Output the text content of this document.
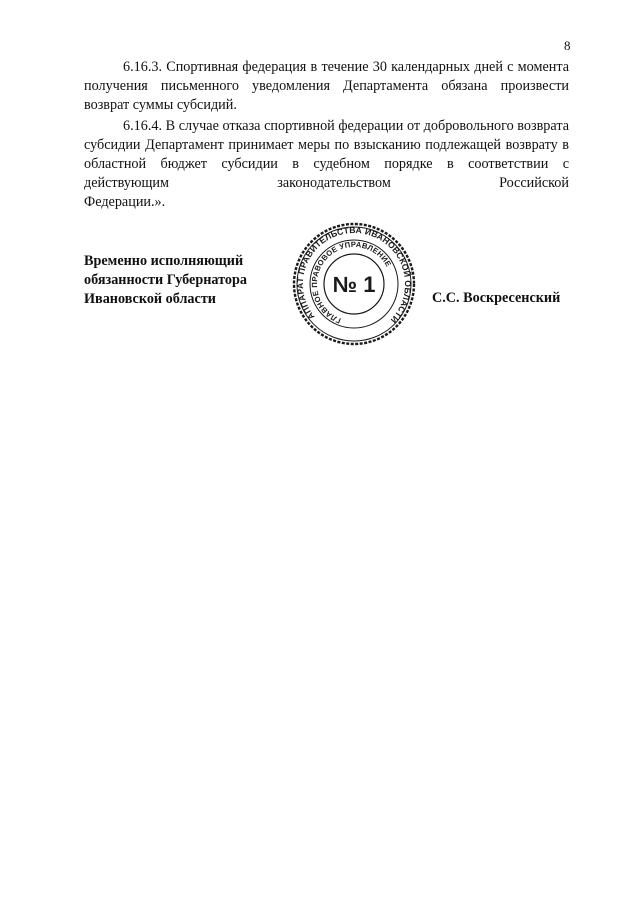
8

6.16.3. Спортивная федерация в течение 30 календарных дней с момента получения письменного уведомления Департамента обязана произвести возврат суммы субсидий.

6.16.4. В случае отказа спортивной федерации от добровольного возврата субсидии Департамент принимает меры по взысканию подлежащей возврату в областной бюджет субсидии в судебном порядке в соответствии с действующим законодательством Российской
Федерации.».

Временно исполняющий
обязанности Губернатора
Ивановской области
АППАРАТ ПРАВИТЕЛЬСТВА ИВАНОВСКОЙ ОБЛАСТИ
ГЛАВНОЕ ПРАВОВОЕ УПРАВЛЕНИЕ
№ 1
С.С. Воскресенский
